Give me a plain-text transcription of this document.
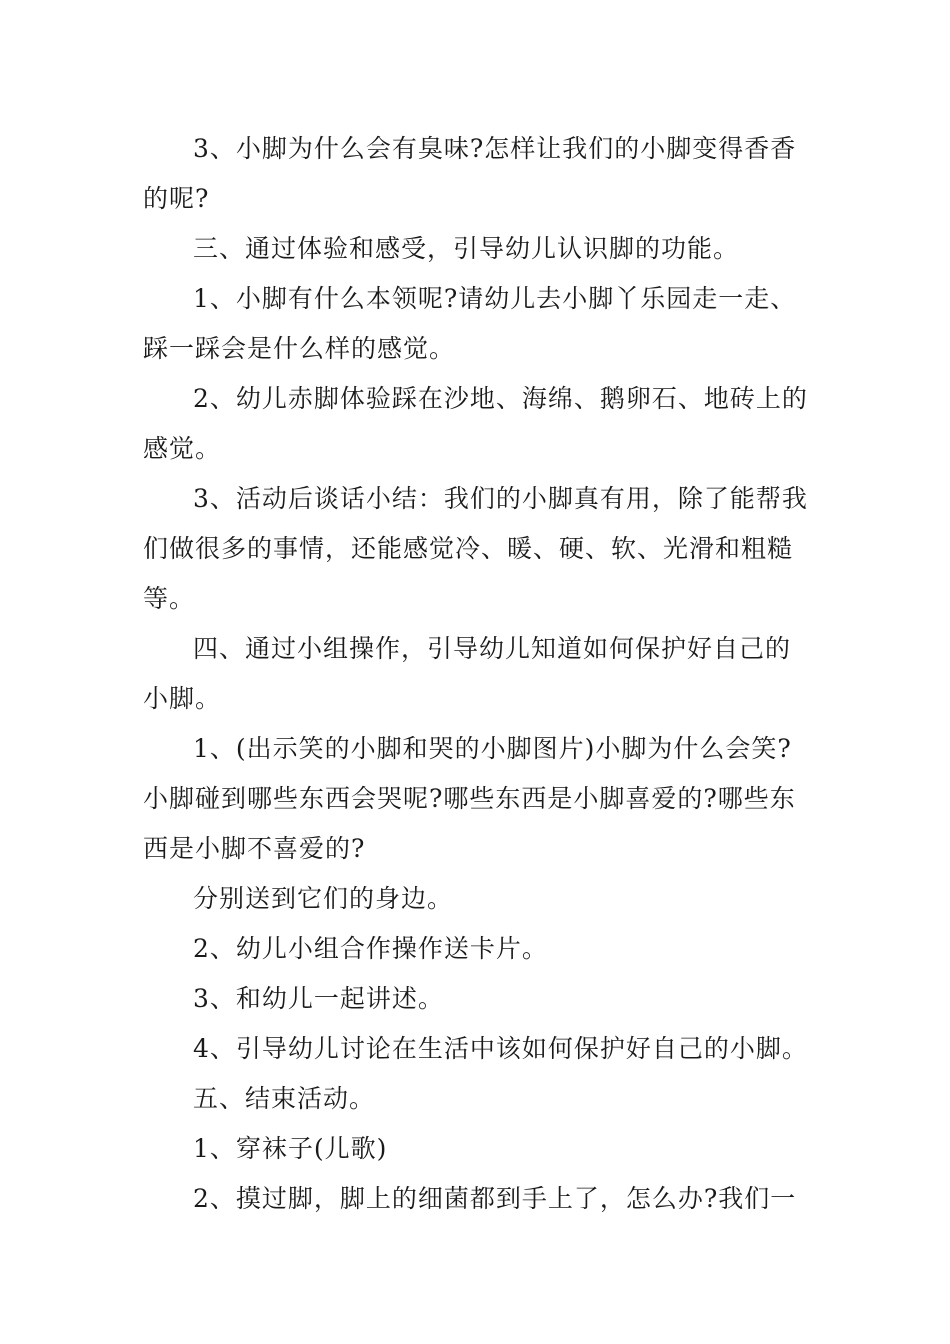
3、小脚为什么会有臭味?怎样让我们的小脚变得香香
的呢?
三、通过体验和感受，引导幼儿认识脚的功能。
1、小脚有什么本领呢?请幼儿去小脚丫乐园走一走、
踩一踩会是什么样的感觉。
2、幼儿赤脚体验踩在沙地、海绵、鹅卵石、地砖上的
感觉。
3、活动后谈话小结：我们的小脚真有用，除了能帮我
们做很多的事情，还能感觉冷、暖、硬、软、光滑和粗糙
等。
四、通过小组操作，引导幼儿知道如何保护好自己的
小脚。
1、(出示笑的小脚和哭的小脚图片)小脚为什么会笑?
小脚碰到哪些东西会哭呢?哪些东西是小脚喜爱的?哪些东
西是小脚不喜爱的?
分别送到它们的身边。
2、幼儿小组合作操作送卡片。
3、和幼儿一起讲述。
4、引导幼儿讨论在生活中该如何保护好自己的小脚。
五、结束活动。
1、穿袜子(儿歌)
2、摸过脚，脚上的细菌都到手上了，怎么办?我们一
